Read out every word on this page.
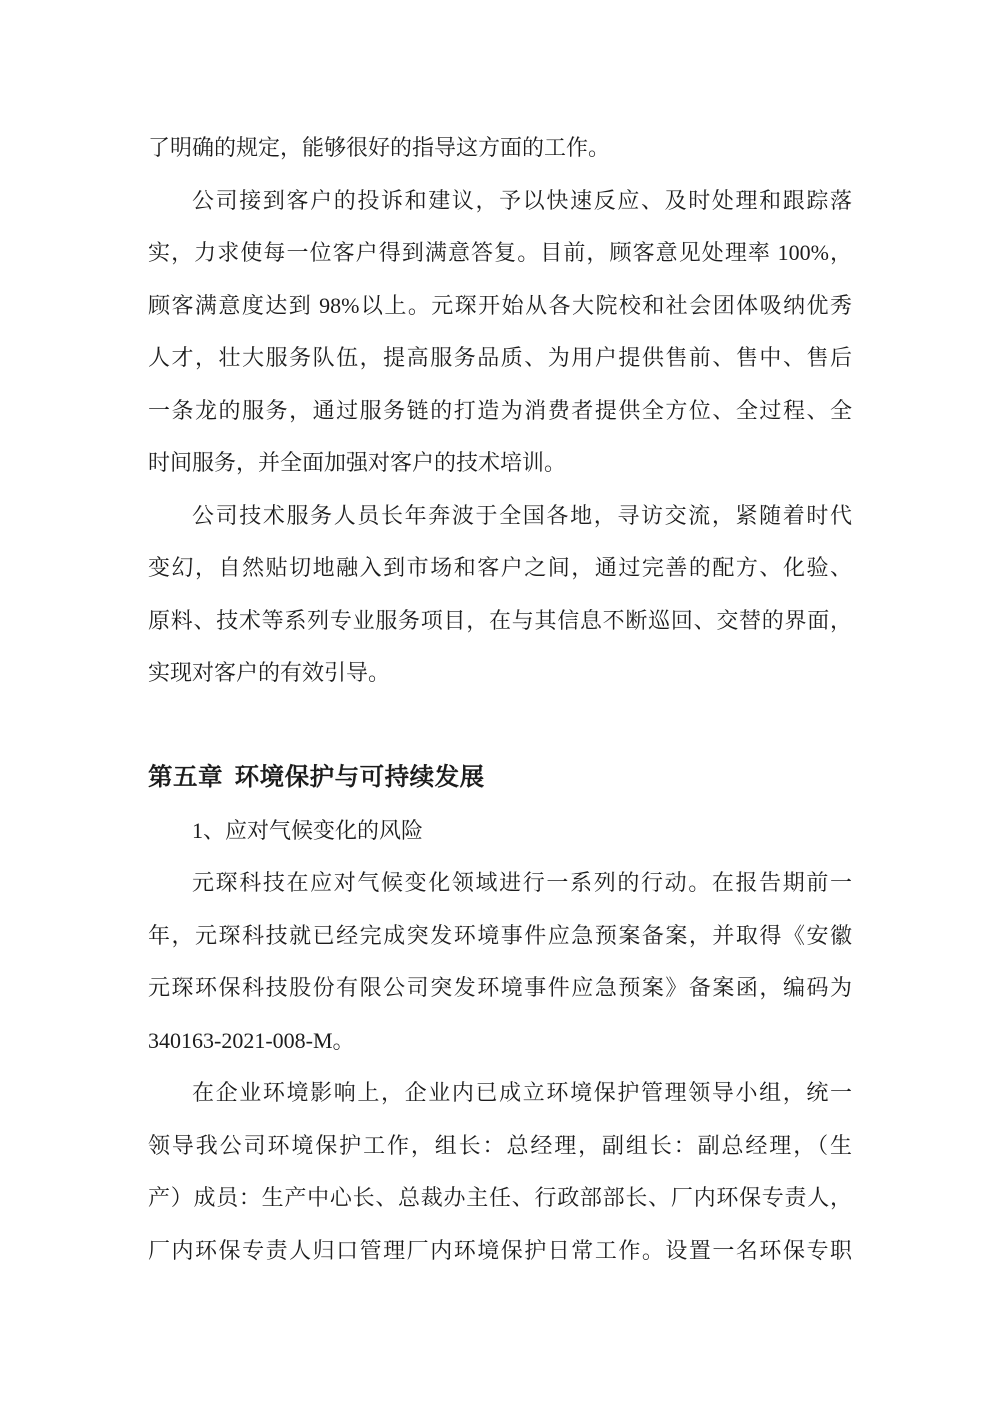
了明确的规定，能够很好的指导这方面的工作。
公司接到客户的投诉和建议，予以快速反应、及时处理和跟踪落
实，力求使每一位客户得到满意答复。目前，顾客意见处理率 100%，
顾客满意度达到 98%以上。元琛开始从各大院校和社会团体吸纳优秀
人才，壮大服务队伍，提高服务品质、为用户提供售前、售中、售后
一条龙的服务，通过服务链的打造为消费者提供全方位、全过程、全
时间服务，并全面加强对客户的技术培训。
公司技术服务人员长年奔波于全国各地，寻访交流，紧随着时代
变幻，自然贴切地融入到市场和客户之间，通过完善的配方、化验、
原料、技术等系列专业服务项目，在与其信息不断巡回、交替的界面，
实现对客户的有效引导。
第五章 环境保护与可持续发展
1、应对气候变化的风险
元琛科技在应对气候变化领域进行一系列的行动。在报告期前一
年，元琛科技就已经完成突发环境事件应急预案备案，并取得《安徽
元琛环保科技股份有限公司突发环境事件应急预案》备案函，编码为
340163-2021-008-M。
在企业环境影响上，企业内已成立环境保护管理领导小组，统一
领导我公司环境保护工作，组长：总经理，副组长：副总经理，（生
产）成员：生产中心长、总裁办主任、行政部部长、厂内环保专责人，
厂内环保专责人归口管理厂内环境保护日常工作。设置一名环保专职
